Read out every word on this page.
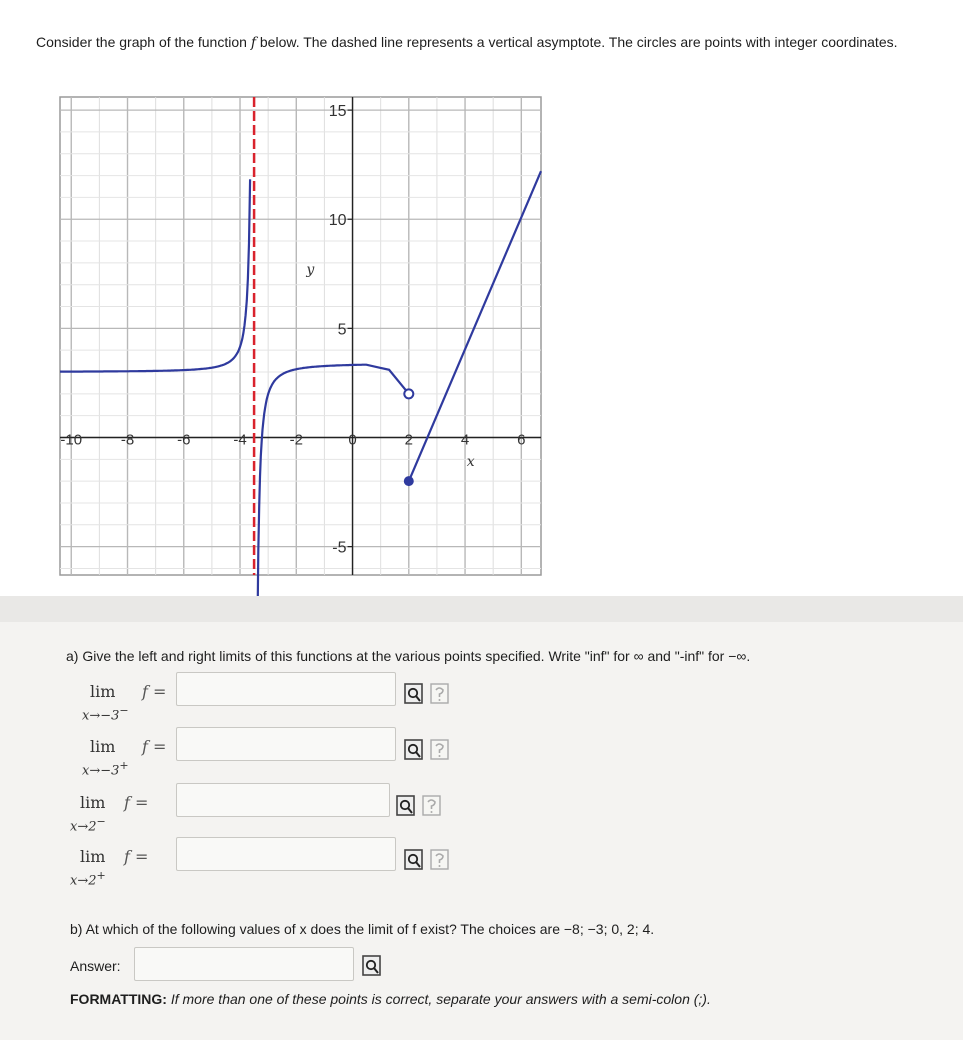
Consider the graph of the function f below. The dashed line represents a vertical asymptote. The circles are points with integer coordinates.
-10	-8	-6	-4	-2	0	2	4	6
15
10
5
-5
x
y
a) Give the left and right limits of this functions at the various points specified. Write "inf" for ∞ and "-inf" for −∞.
lim
x→−3−
f =
lim
x→−3+
f =
lim
x→2−
f =
lim
x→2+
f =
b) At which of the following values of x does the limit of f exist? The choices are −8; −3; 0, 2; 4.
Answer:
FORMATTING: If more than one of these points is correct, separate your answers with a semi-colon (;).
